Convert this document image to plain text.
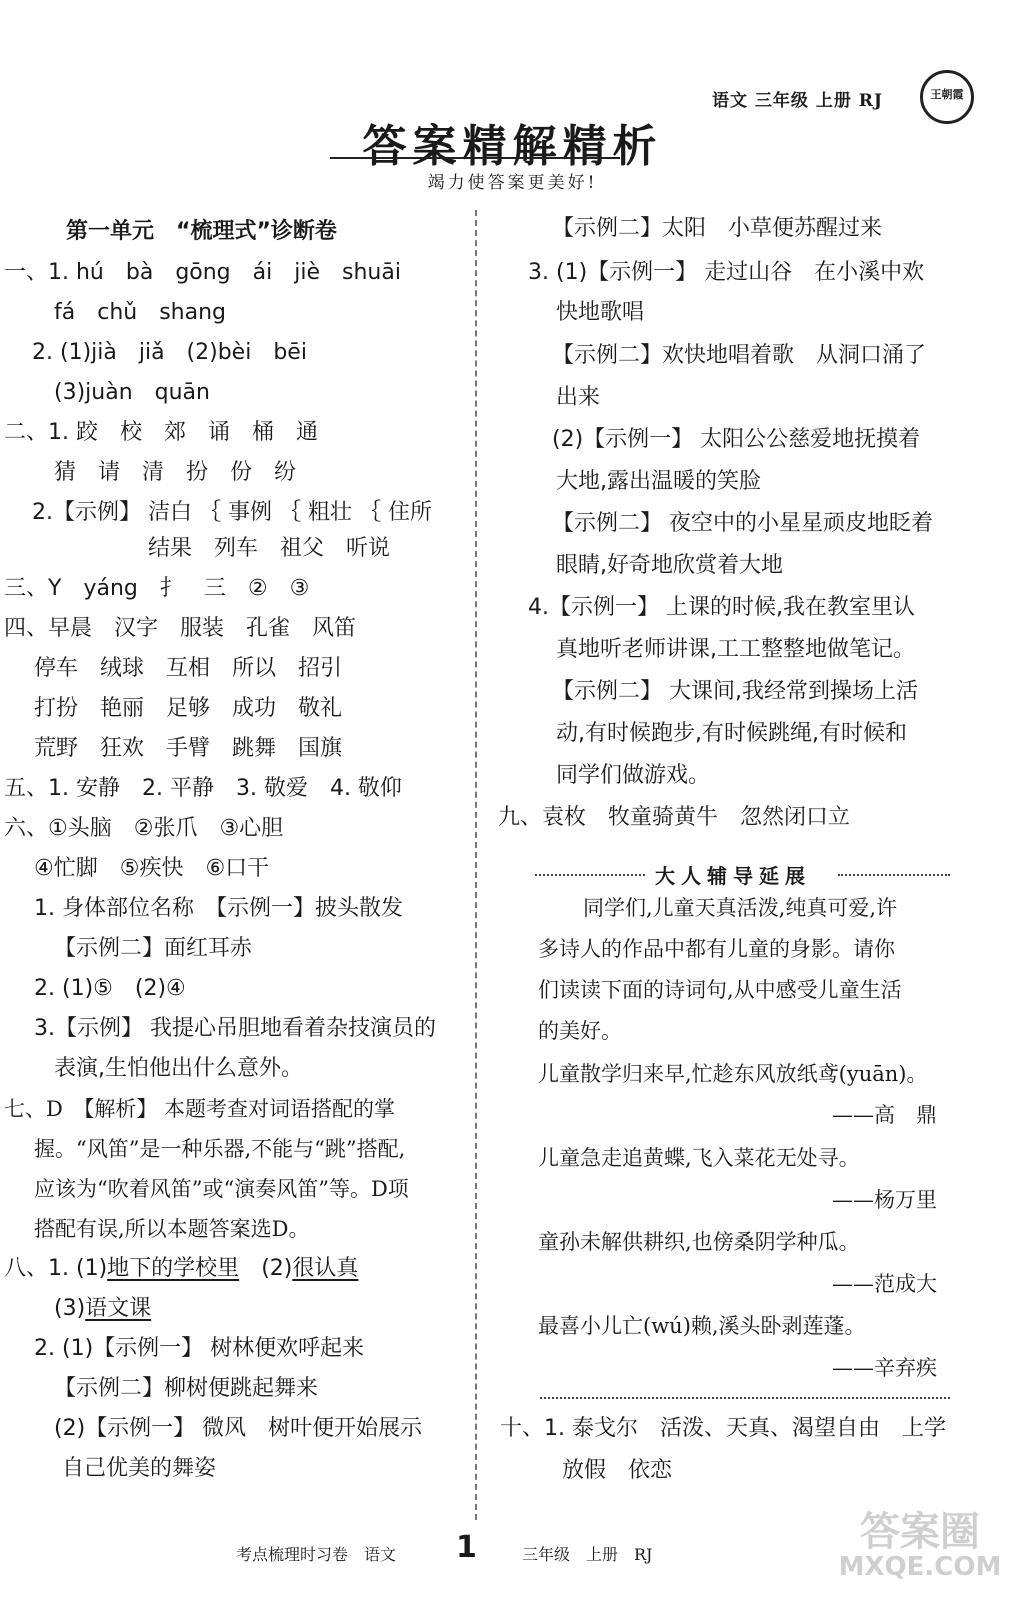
语文 三年级 上册 RJ	王朝霞
答案精解精析
竭力使答案更美好!
第一单元　“梳理式”诊断卷
一、1. hú　bà　gōng　ái　jiè　shuāi
fá　chǔ　shang
2. (1)jià　jiǎ　(2)bèi　bēi
(3)juàn　quān
二、1. 跤　校　郊　诵　桶　通
猜　请　清　扮　份　纷
2.【示例】 洁白 ｛ 事例 ｛ 粗壮 ｛ 住所
结果　列车　祖父　听说
三、Y　yáng　扌　三　②　③
四、早晨　汉字　服装　孔雀　风笛
停车　绒球　互相　所以　招引
打扮　艳丽　足够　成功　敬礼
荒野　狂欢　手臂　跳舞　国旗
五、1. 安静　2. 平静　3. 敬爱　4. 敬仰
六、①头脑　②张爪　③心胆
④忙脚　⑤疾快　⑥口干
1. 身体部位名称　【示例一】披头散发
【示例二】面红耳赤
2. (1)⑤　(2)④
3.【示例】 我提心吊胆地看着杂技演员的
表演,生怕他出什么意外。
七、D　【解析】 本题考查对词语搭配的掌
握。“风笛”是一种乐器,不能与“跳”搭配,
应该为“吹着风笛”或“演奏风笛”等。D项
搭配有误,所以本题答案选D。
八、1. (1)地下的学校里　 (2)很认真
(3)语文课
2. (1)【示例一】 树林便欢呼起来
【示例二】柳树便跳起舞来
(2)【示例一】 微风　树叶便开始展示
自己优美的舞姿
【示例二】太阳　小草便苏醒过来
3. (1)【示例一】 走过山谷　在小溪中欢
快地歌唱
【示例二】欢快地唱着歌　从洞口涌了
出来
(2)【示例一】 太阳公公慈爱地抚摸着
大地,露出温暖的笑脸
【示例二】 夜空中的小星星顽皮地眨着
眼睛,好奇地欣赏着大地
4.【示例一】 上课的时候,我在教室里认
真地听老师讲课,工工整整地做笔记。
【示例二】 大课间,我经常到操场上活
动,有时候跑步,有时候跳绳,有时候和
同学们做游戏。
九、袁枚　牧童骑黄牛　忽然闭口立
大人辅导延展
同学们,儿童天真活泼,纯真可爱,许
多诗人的作品中都有儿童的身影。请你
们读读下面的诗词句,从中感受儿童生活
的美好。
儿童散学归来早,忙趁东风放纸鸢(yuān)。
——高　鼎
儿童急走追黄蝶,飞入菜花无处寻。
——杨万里
童孙未解供耕织,也傍桑阴学种瓜。
——范成大
最喜小儿亡(wú)赖,溪头卧剥莲蓬。
——辛弃疾
十、1. 泰戈尔　活泼、天真、渴望自由　上学
放假　依恋
考点梳理时习卷　语文 1	三年级　上册　RJ	答案圈
MXQE.COM
